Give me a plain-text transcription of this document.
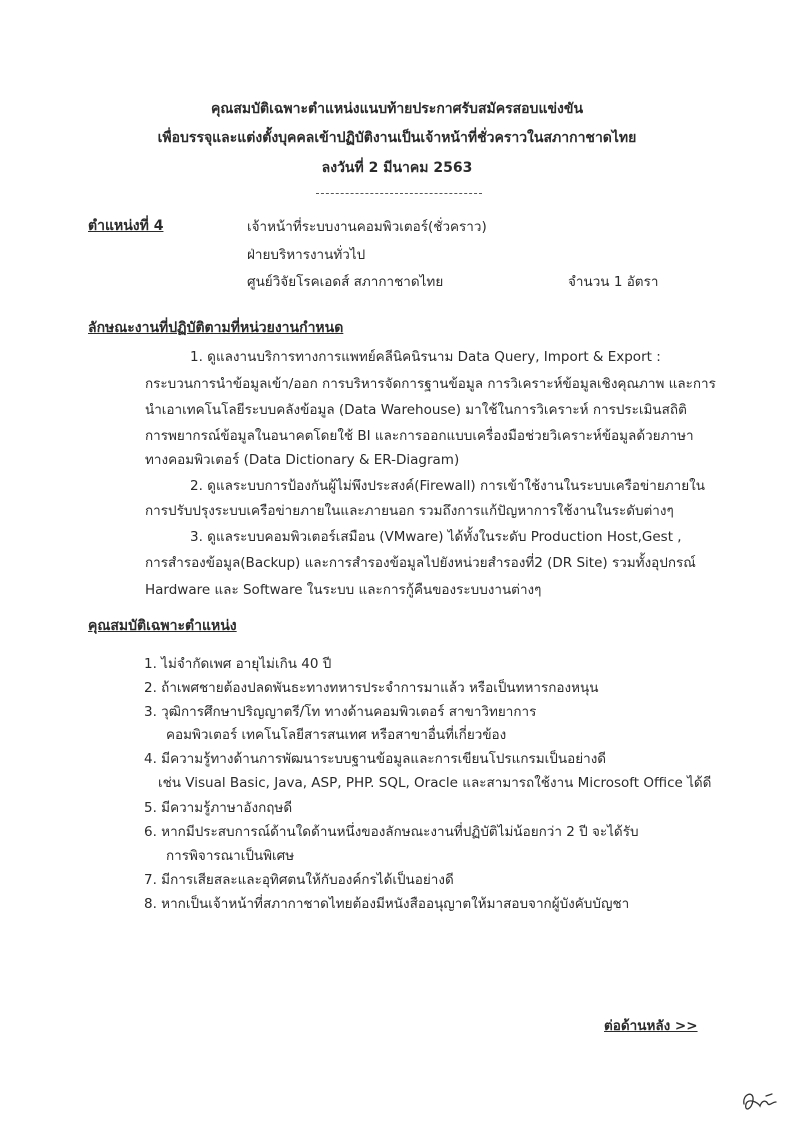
คุณสมบัติเฉพาะตำแหน่งแนบท้ายประกาศรับสมัครสอบแข่งขัน
เพื่อบรรจุและแต่งตั้งบุคคลเข้าปฏิบัติงานเป็นเจ้าหน้าที่ชั่วคราวในสภากาชาดไทย
ลงวันที่ 2 มีนาคม 2563
ตำแหน่งที่ 4	เจ้าหน้าที่ระบบงานคอมพิวเตอร์(ชั่วคราว)
ฝ่ายบริหารงานทั่วไป
ศูนย์วิจัยโรคเอดส์ สภากาชาดไทย	จำนวน 1 อัตรา
ลักษณะงานที่ปฏิบัติตามที่หน่วยงานกำหนด
1. ดูแลงานบริการทางการแพทย์คลีนิคนิรนาม Data Query, Import & Export :
กระบวนการนำข้อมูลเข้า/ออก การบริหารจัดการฐานข้อมูล การวิเคราะห์ข้อมูลเชิงคุณภาพ และการ
นำเอาเทคโนโลยีระบบคลังข้อมูล (Data Warehouse) มาใช้ในการวิเคราะห์ การประเมินสถิติ
การพยากรณ์ข้อมูลในอนาคตโดยใช้ BI และการออกแบบเครื่องมือช่วยวิเคราะห์ข้อมูลด้วยภาษา
ทางคอมพิวเตอร์ (Data Dictionary & ER-Diagram)
2. ดูแลระบบการป้องกันผู้ไม่พึงประสงค์(Firewall) การเข้าใช้งานในระบบเครือข่ายภายใน
การปรับปรุงระบบเครือข่ายภายในและภายนอก รวมถึงการแก้ปัญหาการใช้งานในระดับต่างๆ
3. ดูแลระบบคอมพิวเตอร์เสมือน (VMware) ได้ทั้งในระดับ Production Host,Gest ,
การสำรองข้อมูล(Backup) และการสำรองข้อมูลไปยังหน่วยสำรองที่2 (DR Site) รวมทั้งอุปกรณ์
Hardware และ Software ในระบบ และการกู้คืนของระบบงานต่างๆ
คุณสมบัติเฉพาะตำแหน่ง
1. ไม่จำกัดเพศ อายุไม่เกิน 40 ปี
2. ถ้าเพศชายต้องปลดพันธะทางทหารประจำการมาแล้ว หรือเป็นทหารกองหนุน
3. วุฒิการศึกษาปริญญาตรี/โท ทางด้านคอมพิวเตอร์ สาขาวิทยาการ
คอมพิวเตอร์ เทคโนโลยีสารสนเทศ หรือสาขาอื่นที่เกี่ยวข้อง
4. มีความรู้ทางด้านการพัฒนาระบบฐานข้อมูลและการเขียนโปรแกรมเป็นอย่างดี
เช่น Visual Basic, Java, ASP, PHP. SQL, Oracle และสามารถใช้งาน Microsoft Office ได้ดี
5. มีความรู้ภาษาอังกฤษดี
6. หากมีประสบการณ์ด้านใดด้านหนึ่งของลักษณะงานที่ปฏิบัติไม่น้อยกว่า 2 ปี จะได้รับ
การพิจารณาเป็นพิเศษ
7. มีการเสียสละและอุทิศตนให้กับองค์กรได้เป็นอย่างดี
8. หากเป็นเจ้าหน้าที่สภากาชาดไทยต้องมีหนังสืออนุญาตให้มาสอบจากผู้บังคับบัญชา
ต่อด้านหลัง >>
